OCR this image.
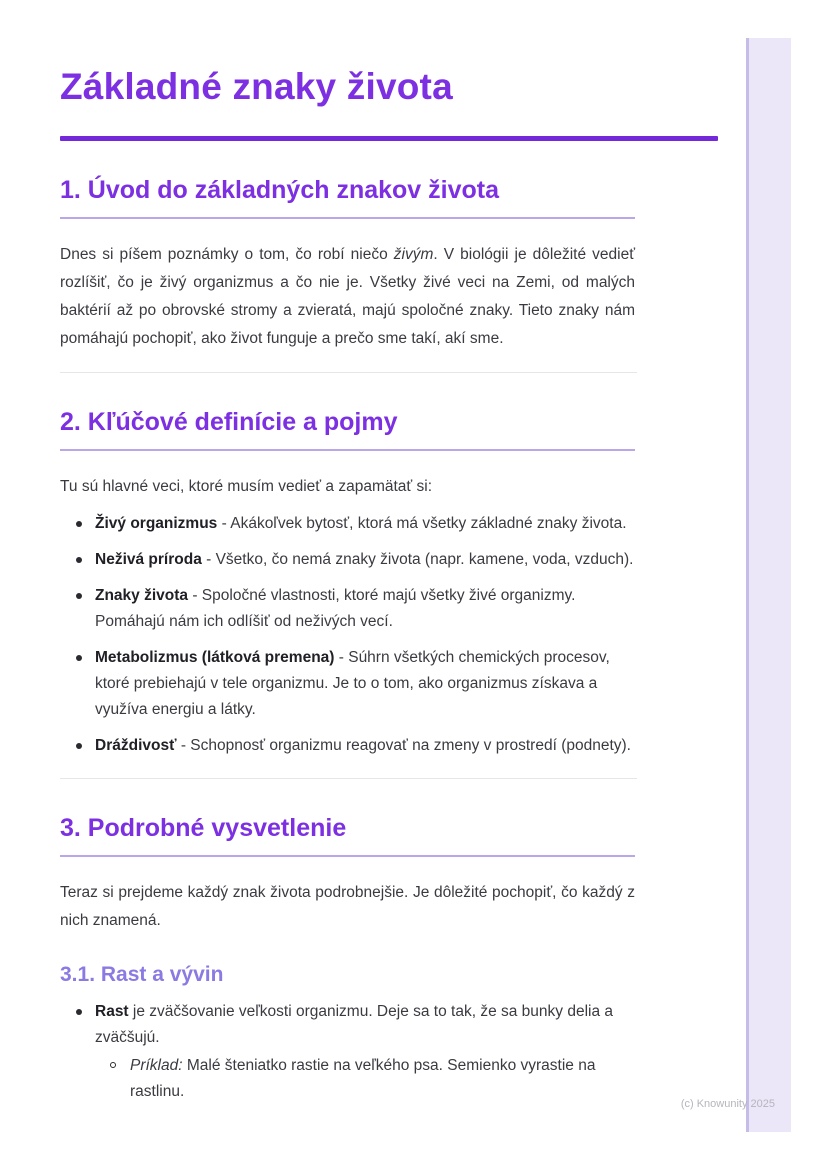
Základné znaky života
1. Úvod do základných znakov života

Dnes si píšem poznámky o tom, čo robí niečo živým. V biológii je dôležité vedieť rozlíšiť, čo je živý organizmus a čo nie je. Všetky živé veci na Zemi, od malých baktérií až po obrovské stromy a zvieratá, majú spoločné znaky. Tieto znaky nám pomáhajú pochopiť, ako život funguje a prečo sme takí, akí sme.

2. Kľúčové definície a pojmy

Tu sú hlavné veci, ktoré musím vedieť a zapamätať si:

Živý organizmus - Akákoľvek bytosť, ktorá má všetky základné znaky života.
Neživá príroda - Všetko, čo nemá znaky života (napr. kamene, voda, vzduch).
Znaky života - Spoločné vlastnosti, ktoré majú všetky živé organizmy. Pomáhajú nám ich odlíšiť od neživých vecí.
Metabolizmus (látková premena) - Súhrn všetkých chemických procesov, ktoré prebiehajú v tele organizmu. Je to o tom, ako organizmus získava a využíva energiu a látky.
Dráždivosť - Schopnosť organizmu reagovať na zmeny v prostredí (podnety).
3. Podrobné vysvetlenie

Teraz si prejdeme každý znak života podrobnejšie. Je dôležité pochopiť, čo každý z nich znamená.

3.1. Rast a vývin
Rast je zväčšovanie veľkosti organizmu. Deje sa to tak, že sa bunky delia a zväčšujú.
Príklad: Malé šteniatko rastie na veľkého psa. Semienko vyrastie na rastlinu.
(c) Knowunity 2025
